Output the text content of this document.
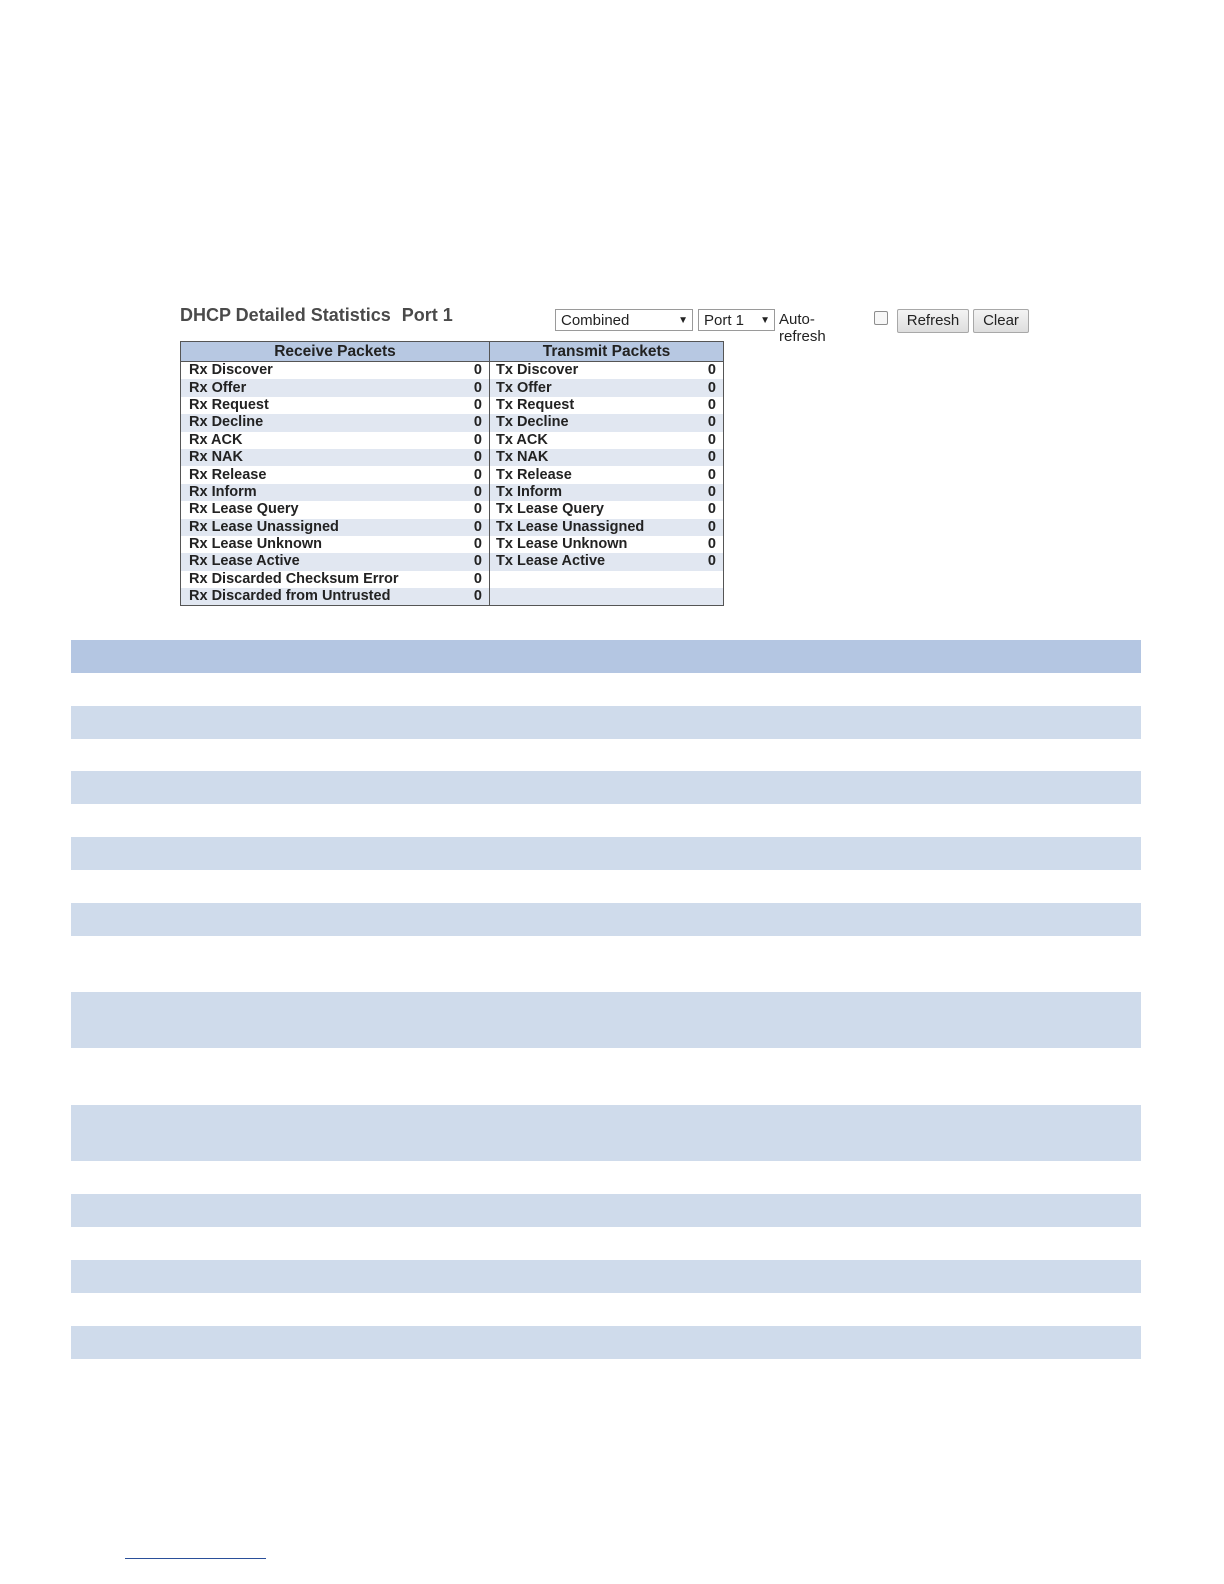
DHCP Detailed Statistics Port 1	Combined	▼	Port 1 ▼ Auto-refresh
Refresh	Clear
Receive Packets		Transmit Packets	
Rx Discover	0	Tx Discover	0
Rx Offer	0	Tx Offer	0
Rx Request	0	Tx Request	0
Rx Decline	0	Tx Decline	0
Rx ACK	0	Tx ACK	0
Rx NAK	0	Tx NAK	0
Rx Release	0	Tx Release	0
Rx Inform	0	Tx Inform	0
Rx Lease Query	0	Tx Lease Query	0
Rx Lease Unassigned	0	Tx Lease Unassigned	0
Rx Lease Unknown	0	Tx Lease Unknown	0
Rx Lease Active	0	Tx Lease Active	0
Rx Discarded Checksum Error	0		
Rx Discarded from Untrusted	0		
